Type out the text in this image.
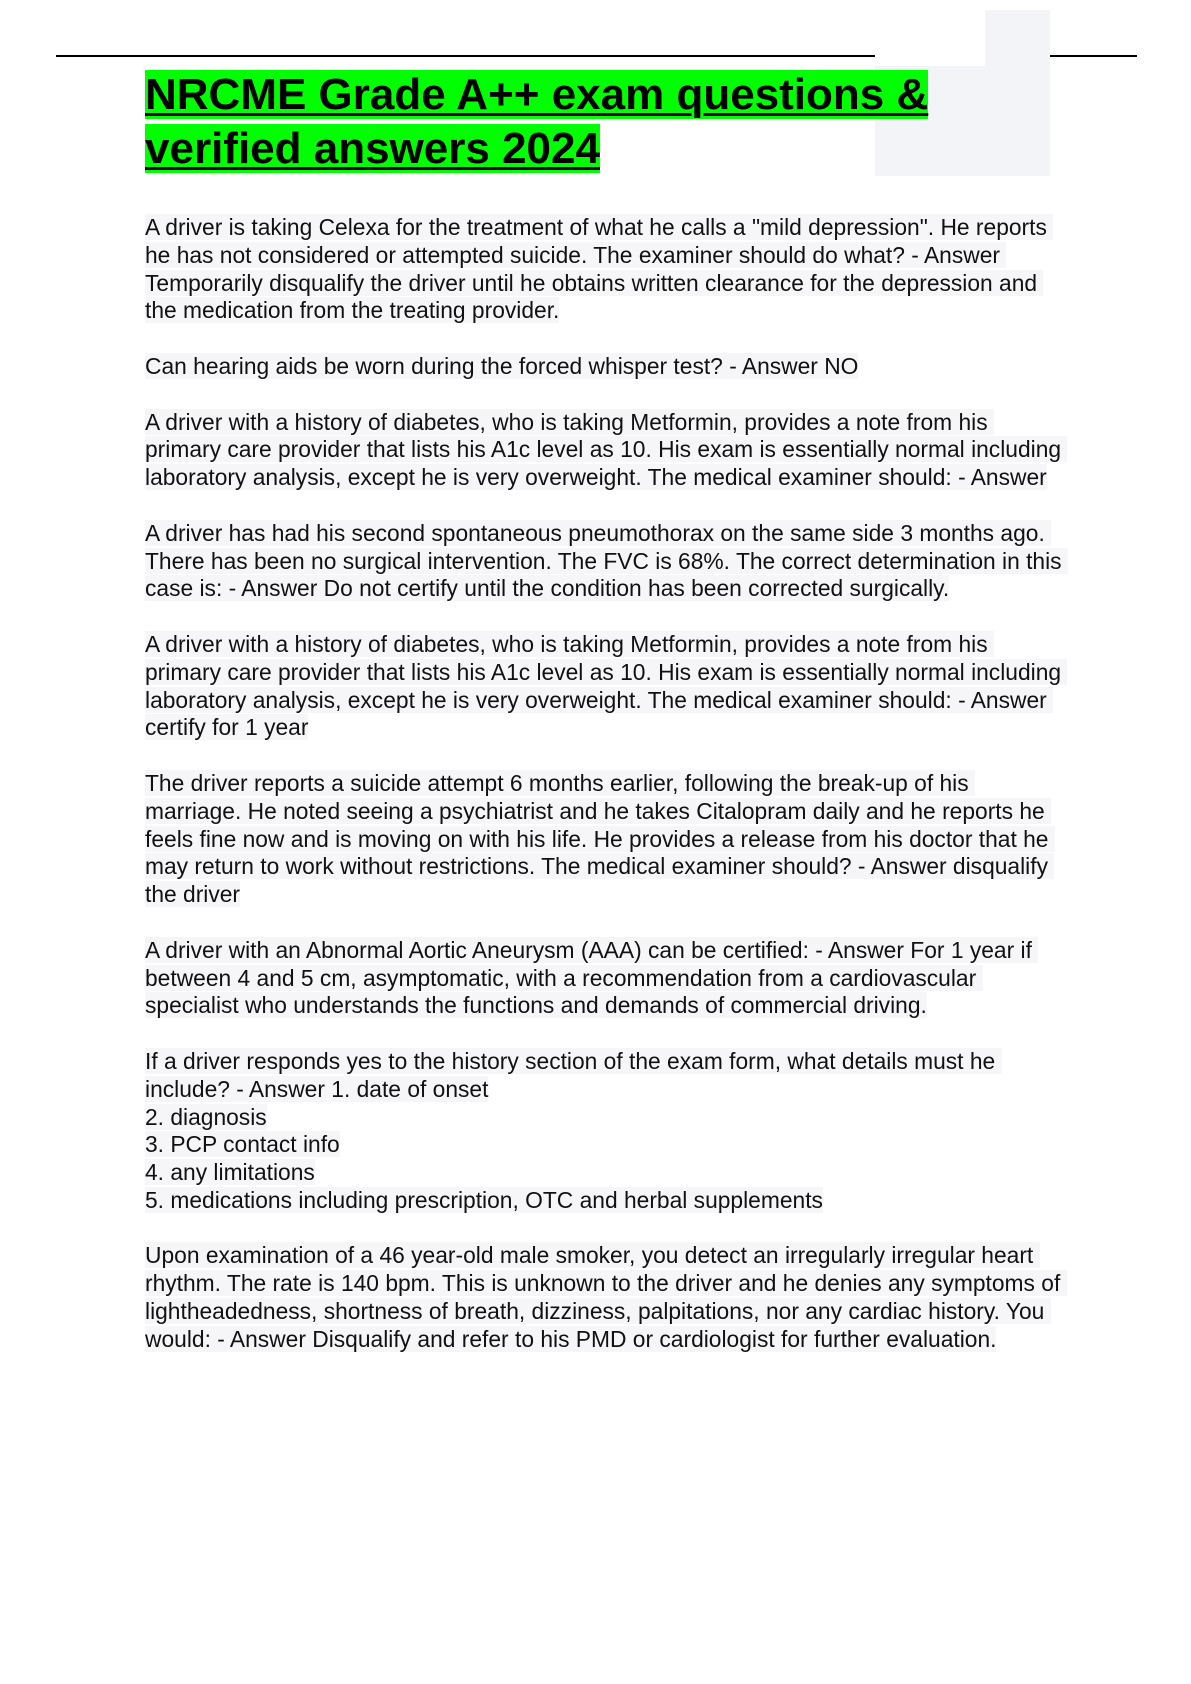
NRCME Grade A++ exam questions &
verified answers 2024

A driver is taking Celexa for the treatment of what he calls a "mild depression". He reports he has not considered or attempted suicide. The examiner should do what? - Answer Temporarily disqualify the driver until he obtains written clearance for the depression and the medication from the treating provider.

Can hearing aids be worn during the forced whisper test? - Answer NO

A driver with a history of diabetes, who is taking Metformin, provides a note from his primary care provider that lists his A1c level as 10. His exam is essentially normal including laboratory analysis, except he is very overweight. The medical examiner should: - Answer

A driver has had his second spontaneous pneumothorax on the same side 3 months ago. There has been no surgical intervention. The FVC is 68%. The correct determination in this case is: - Answer Do not certify until the condition has been corrected surgically.

A driver with a history of diabetes, who is taking Metformin, provides a note from his primary care provider that lists his A1c level as 10. His exam is essentially normal including laboratory analysis, except he is very overweight. The medical examiner should: - Answer certify for 1 year

The driver reports a suicide attempt 6 months earlier, following the break-up of his marriage. He noted seeing a psychiatrist and he takes Citalopram daily and he reports he feels fine now and is moving on with his life. He provides a release from his doctor that he may return to work without restrictions. The medical examiner should? - Answer disqualify the driver

A driver with an Abnormal Aortic Aneurysm (AAA) can be certified: - Answer For 1 year if between 4 and 5 cm, asymptomatic, with a recommendation from a cardiovascular specialist who understands the functions and demands of commercial driving.

If a driver responds yes to the history section of the exam form, what details must he include? - Answer 1. date of onset
2. diagnosis
3. PCP contact info
4. any limitations
5. medications including prescription, OTC and herbal supplements

Upon examination of a 46 year-old male smoker, you detect an irregularly irregular heart rhythm. The rate is 140 bpm. This is unknown to the driver and he denies any symptoms of lightheadedness, shortness of breath, dizziness, palpitations, nor any cardiac history. You would: - Answer Disqualify and refer to his PMD or cardiologist for further evaluation.
